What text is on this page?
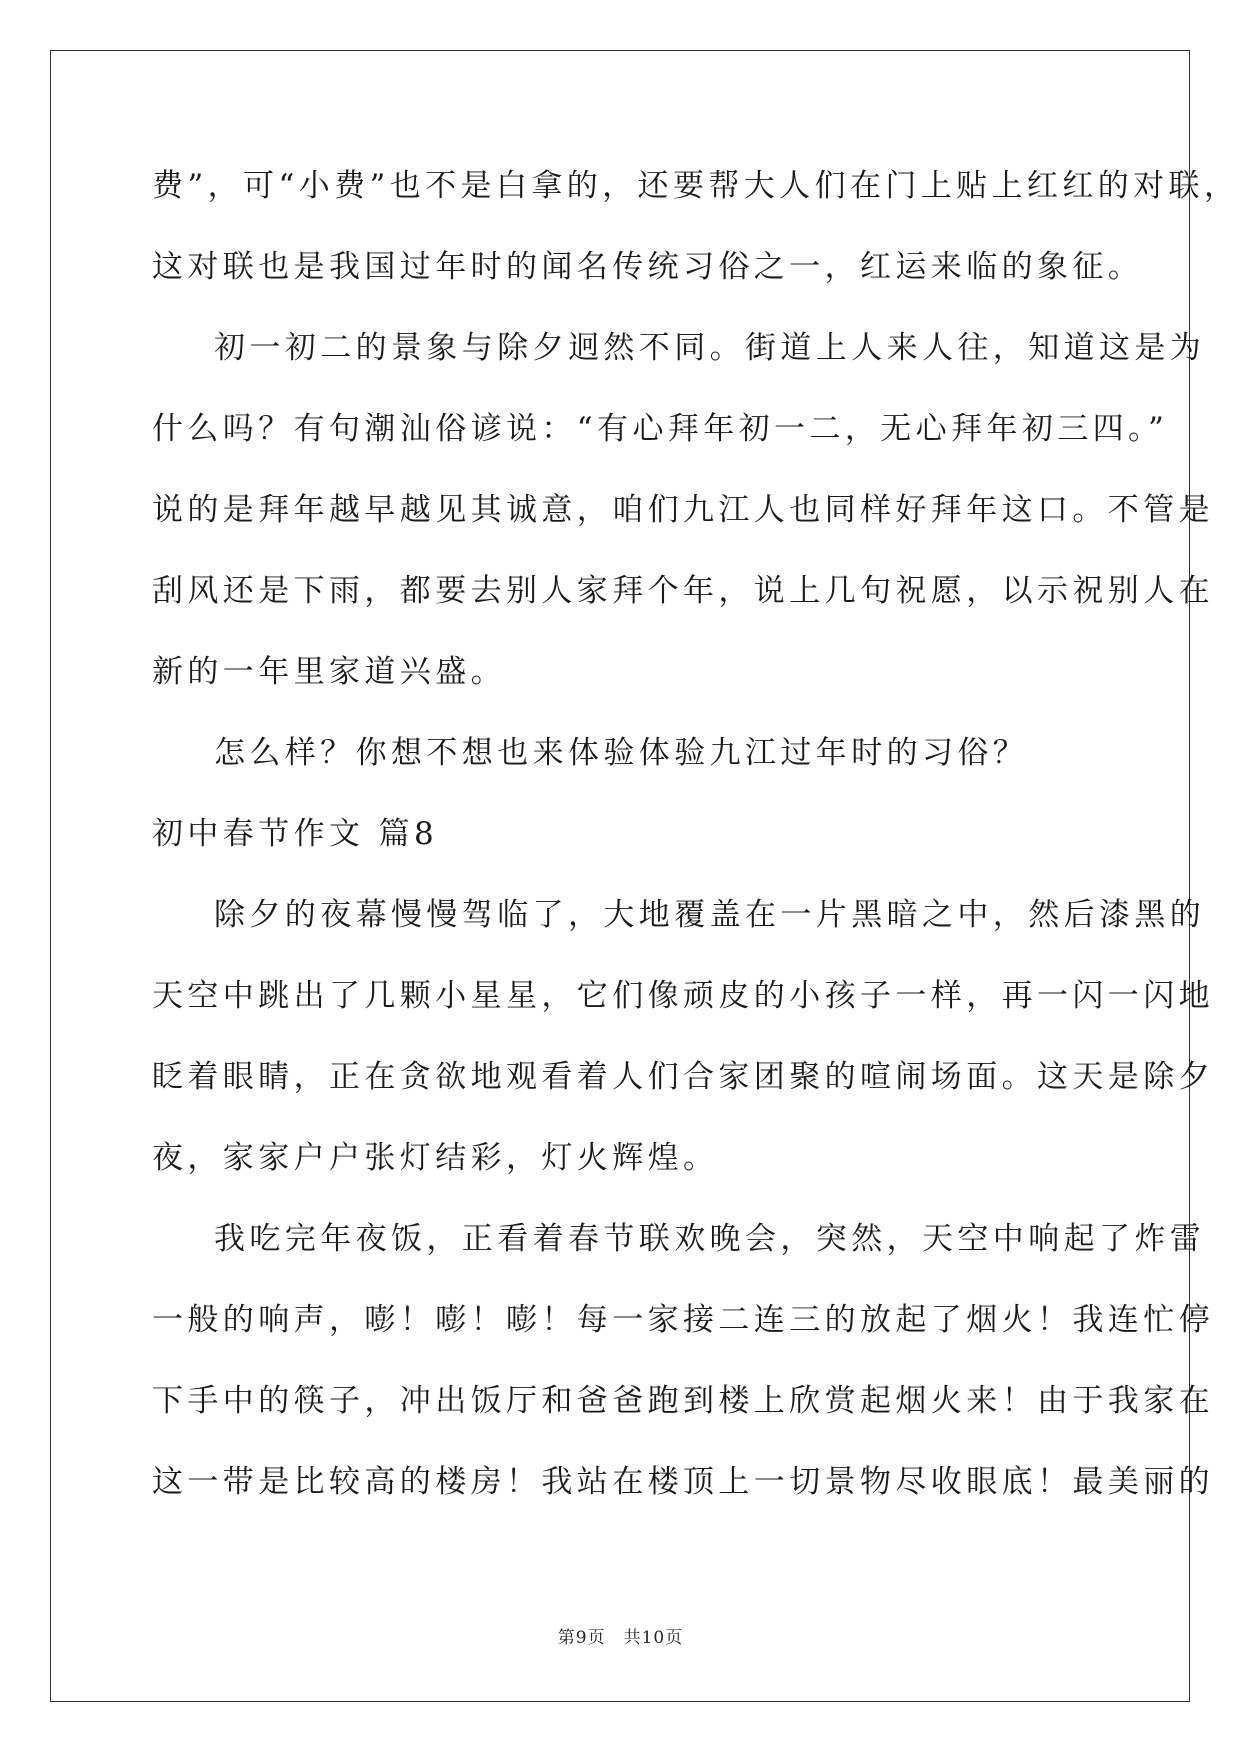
费”，可“小费”也不是白拿的，还要帮大人们在门上贴上红红的对联，
这对联也是我国过年时的闻名传统习俗之一，红运来临的象征。
初一初二的景象与除夕迥然不同。街道上人来人往，知道这是为
什么吗？有句潮汕俗谚说：“有心拜年初一二，无心拜年初三四。”
说的是拜年越早越见其诚意，咱们九江人也同样好拜年这口。不管是
刮风还是下雨，都要去别人家拜个年，说上几句祝愿，以示祝别人在
新的一年里家道兴盛。
怎么样？你想不想也来体验体验九江过年时的习俗？
初中春节作文 篇8
除夕的夜幕慢慢驾临了，大地覆盖在一片黑暗之中，然后漆黑的
天空中跳出了几颗小星星，它们像顽皮的小孩子一样，再一闪一闪地
眨着眼睛，正在贪欲地观看着人们合家团聚的喧闹场面。这天是除夕
夜，家家户户张灯结彩，灯火辉煌。
我吃完年夜饭，正看着春节联欢晚会，突然，天空中响起了炸雷
一般的响声，嘭！嘭！嘭！每一家接二连三的放起了烟火！我连忙停
下手中的筷子，冲出饭厅和爸爸跑到楼上欣赏起烟火来！由于我家在
这一带是比较高的楼房！我站在楼顶上一切景物尽收眼底！最美丽的
第9页　共10页
